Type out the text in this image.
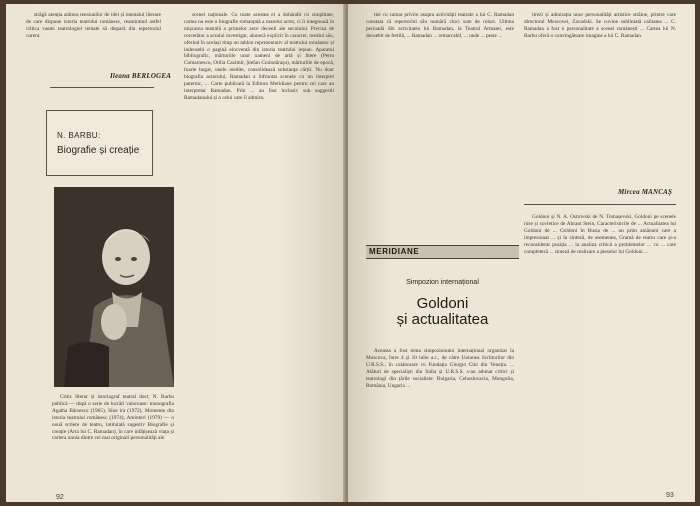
străgă atenția atâtora tensiunilor de idei și mentalul literare de care dispune istoria teatrului românesc, reamintind astfel critica vastei teatrologiei tentate să dispară din repertoriul curent.

Ileana BERLOGEA
N. BARBU:
Biografie și creație

Critic literar și istoriograf teatral doct, N. Barbu publică — după o serie de lucrări valoroase: monografia Agatha Bârsescu (1965), Sine ira (1972), Momente din istoria teatrului românesc (1974), Aminteri (1979) — o nouă scriere de teatru, intitulată sugestiv Biografie și creație (Arta lui C. Ramadan), în care infățișează viața și cariera unuia dintre cei mai originali personalități ale

scenei naționale. Cu toate acestea el a dobândit cu simplitate, cartea nu este o biografie romanțată a marelui actor, ci îi integrează în mișcarea teatrală a primelor zece decenii ale secolului. Preciza de cercetător a actului investigat, alunecă explicit în caracter, mediul său, oferind în același timp un tablou reprezentativ al teatrului românesc și indeosebi o pagină elocventă din istoria teatrului ieșean. Aparatul bibliografic, mărturiile unor oameni de artă și litere (Petru Comarnescu, Otilia Cazimir, Ștefan Ciobotărașu), mărturiile de epocă, foarte bogat, unele inedite, consolidează substanța cărții. Nu doar biografia actorului, Ramadan a înfruntat scenele cu un interpret puternic, ... Carte publicată la Editura Meridiane pentru cei care au interpretat Ramadan. Prin ... au fost inclusiv sub suggestii Ramadanului și a celui care îl admira.

92

tiei cu sumar privire asupra activității teatrale a lui C. Ramadan constata că repertoriul său numără cinci sute de roluri. Ultima perioadă din activitatea lui Ramadan, la Teatrul Armatei, este deosebit de fertilă, ... Ramadan ... remarcabil, ... unde ... peste ...

tirezi și admirația unor personalități artistice străine, printre care directorul Moscovei, Zavadski. Se cuvine subliniată calitatea ... C. Ramadan a fost o personalitate a scenei românești ... Cartea lui N. Barbu oferă o convingătoare imagine a lui C. Ramadan.

Mircea MANCAȘ
MERIDIANE
Simpozion internațional
Goldoni
și actualitatea

Aceasta a fost tema simpozionului internațional organizat la Moscova, între 4 și 10 iulie a.c., de către Uniunea Scriitorilor din U.R.S.S., în colaborare cu Fundația Giorgio Cini din Veneția. ... Alături de specialiști din Italia și U.R.S.S. s-au adunat critici și teatrologi din țările socialiste: Bulgaria, Cehoslovacia, Mongolia, România, Ungaria ...

Goldoni și N. A. Ostrovski de N. Tomașevski, Goldoni pe scenele ruse și sovietice de Abram Stein, Caracteristicile de ... Actualitatea lui Goldoni de ... Goldoni în Rusia de ... un prim amănunt care a impresionat ... și în sinteză, de asemenea, Gramă de teatru care și-a reconsiderat poziția ... la analiza critică a problemelor ... cu ... care completeză ... sinteză de realizare a pieselor lui Goldoni ...

93
